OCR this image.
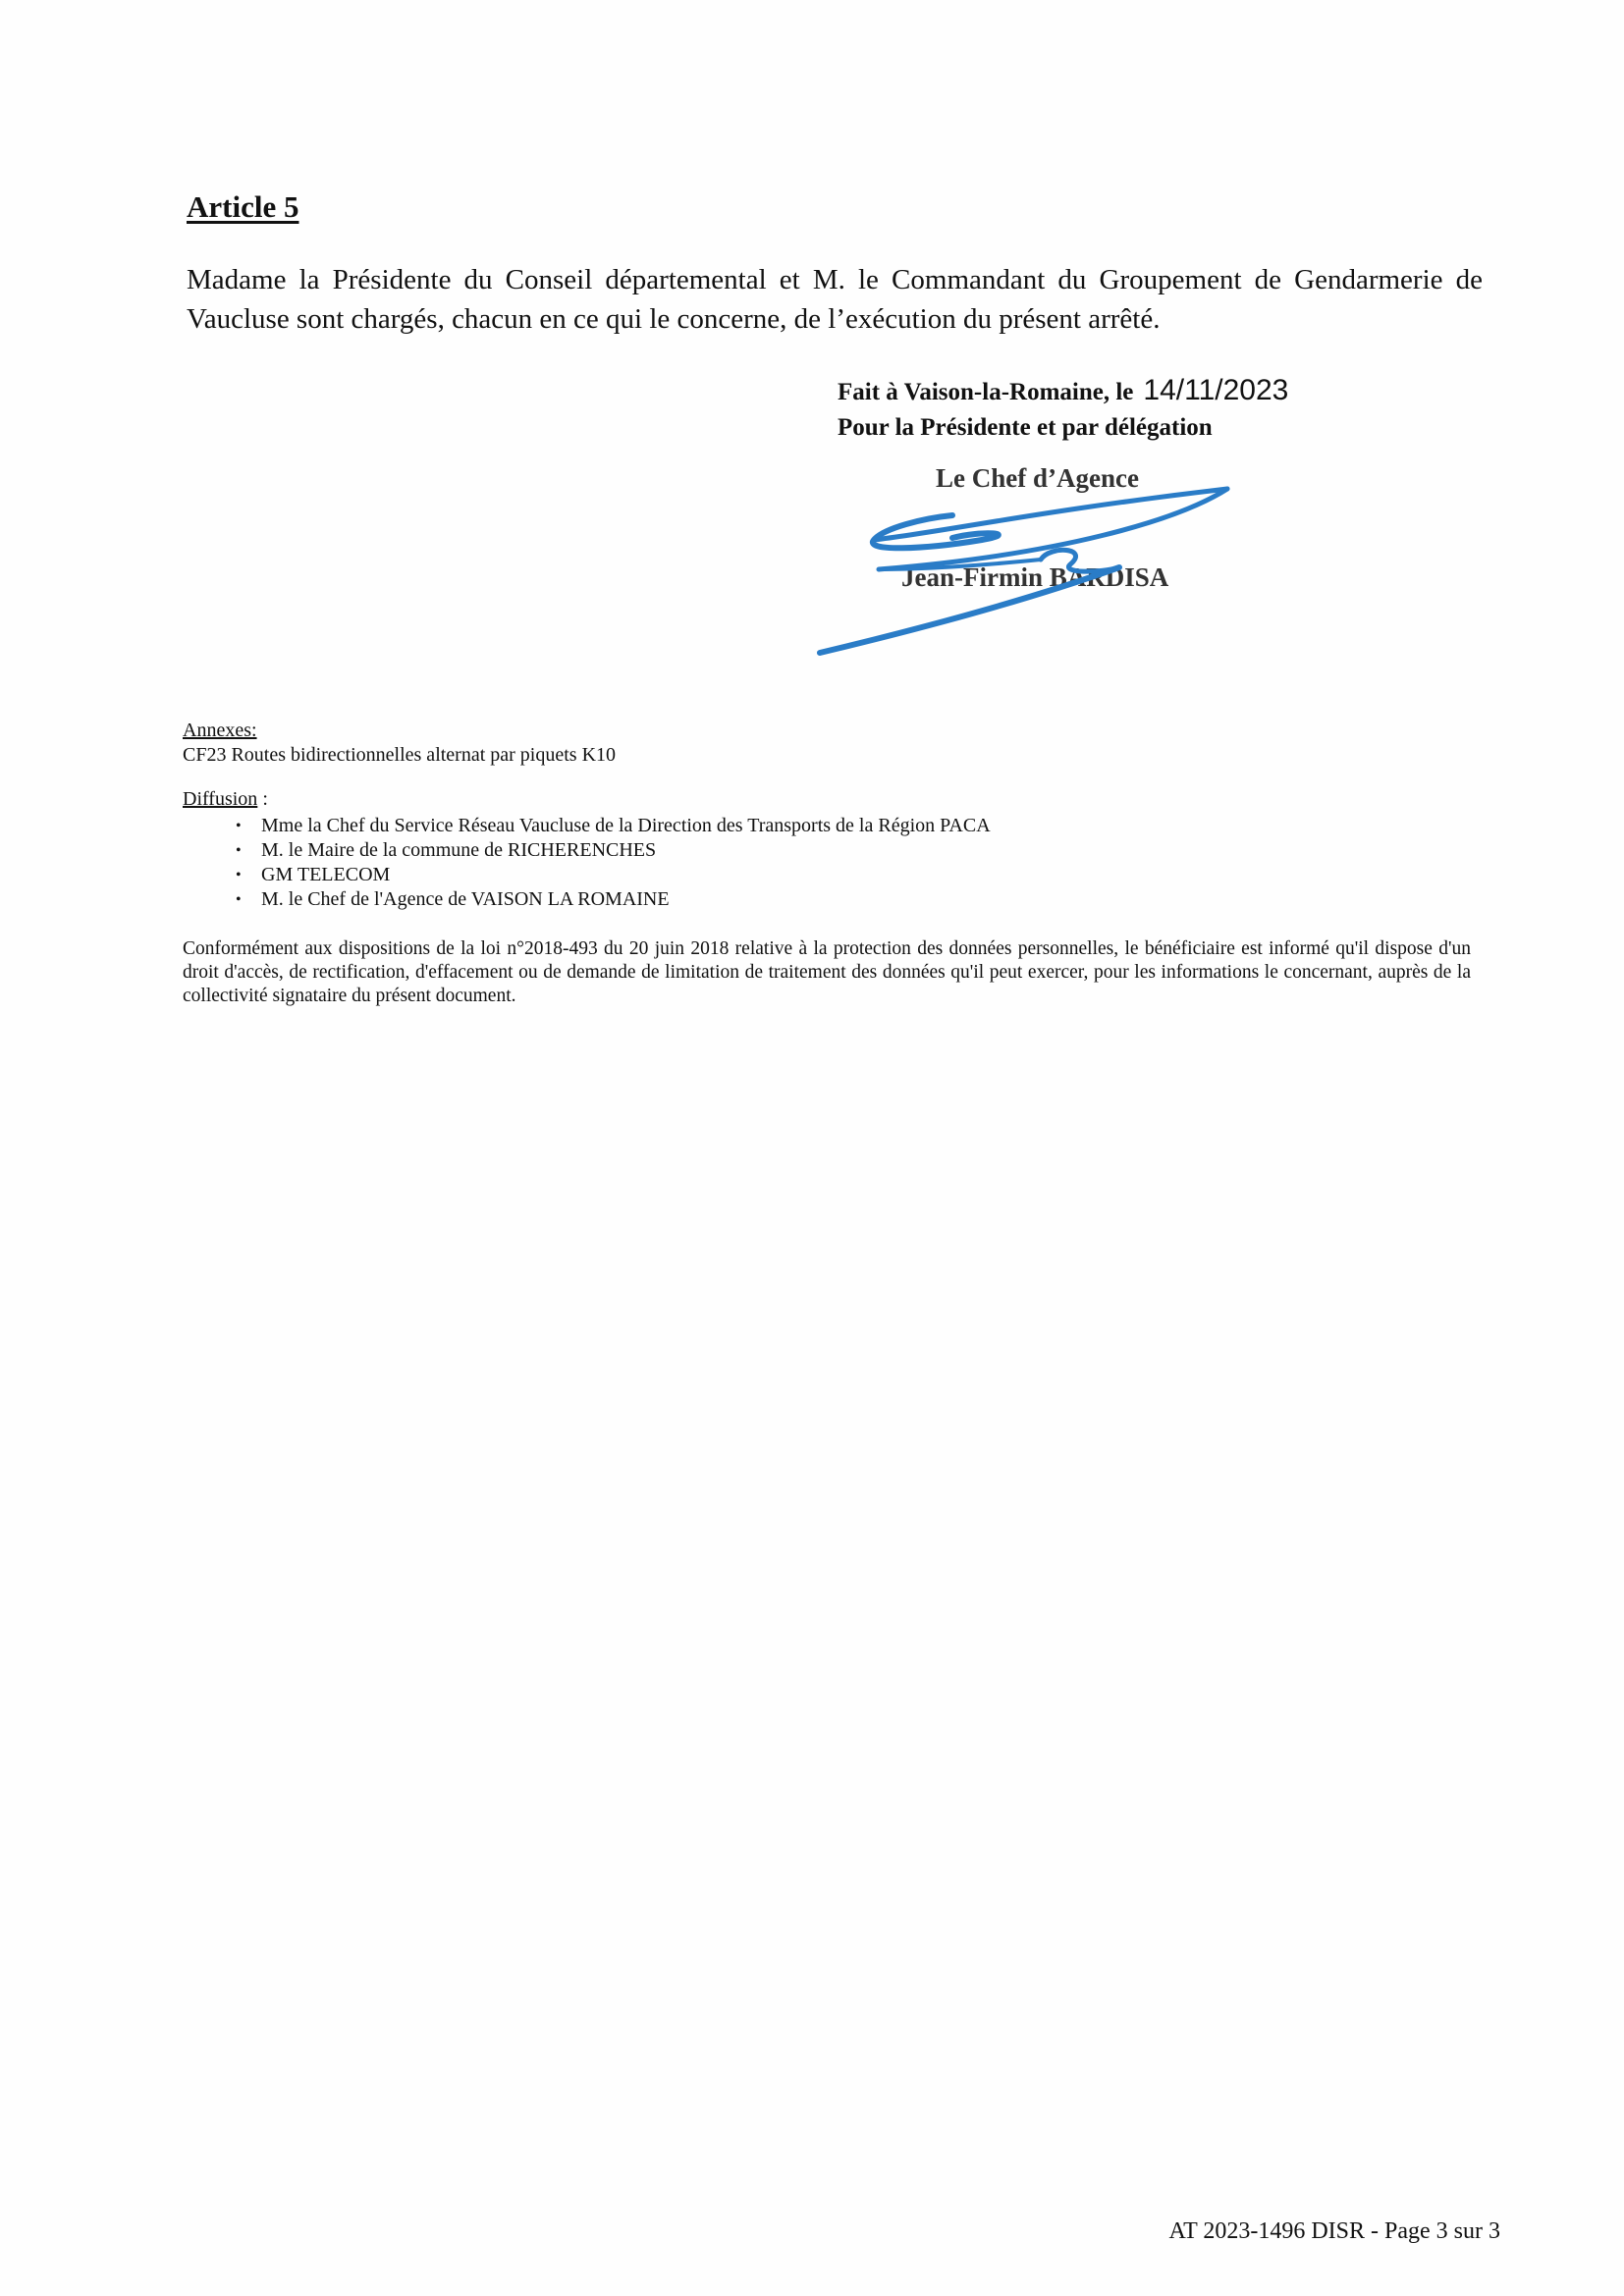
Article 5
Madame la Présidente du Conseil départemental et M. le Commandant du Groupement de Gendarmerie de Vaucluse sont chargés, chacun en ce qui le concerne, de l’exécution du présent arrêté.
Fait à Vaison-la-Romaine, le 14/11/2023
Pour la Présidente et par délégation
Le Chef d’Agence
Jean-Firmin BARDISA
Annexes:
CF23 Routes bidirectionnelles alternat par piquets K10
Diffusion :
• Mme la Chef du Service Réseau Vaucluse de la Direction des Transports de la Région PACA
• M. le Maire de la commune de RICHERENCHES
• GM TELECOM
• M. le Chef de l'Agence de VAISON LA ROMAINE
Conformément aux dispositions de la loi n°2018-493 du 20 juin 2018 relative à la protection des données personnelles, le bénéficiaire est informé qu'il dispose d'un droit d'accès, de rectification, d'effacement ou de demande de limitation de traitement des données qu'il peut exercer, pour les informations le concernant, auprès de la collectivité signataire du présent document.
AT 2023-1496 DISR - Page 3 sur 3
